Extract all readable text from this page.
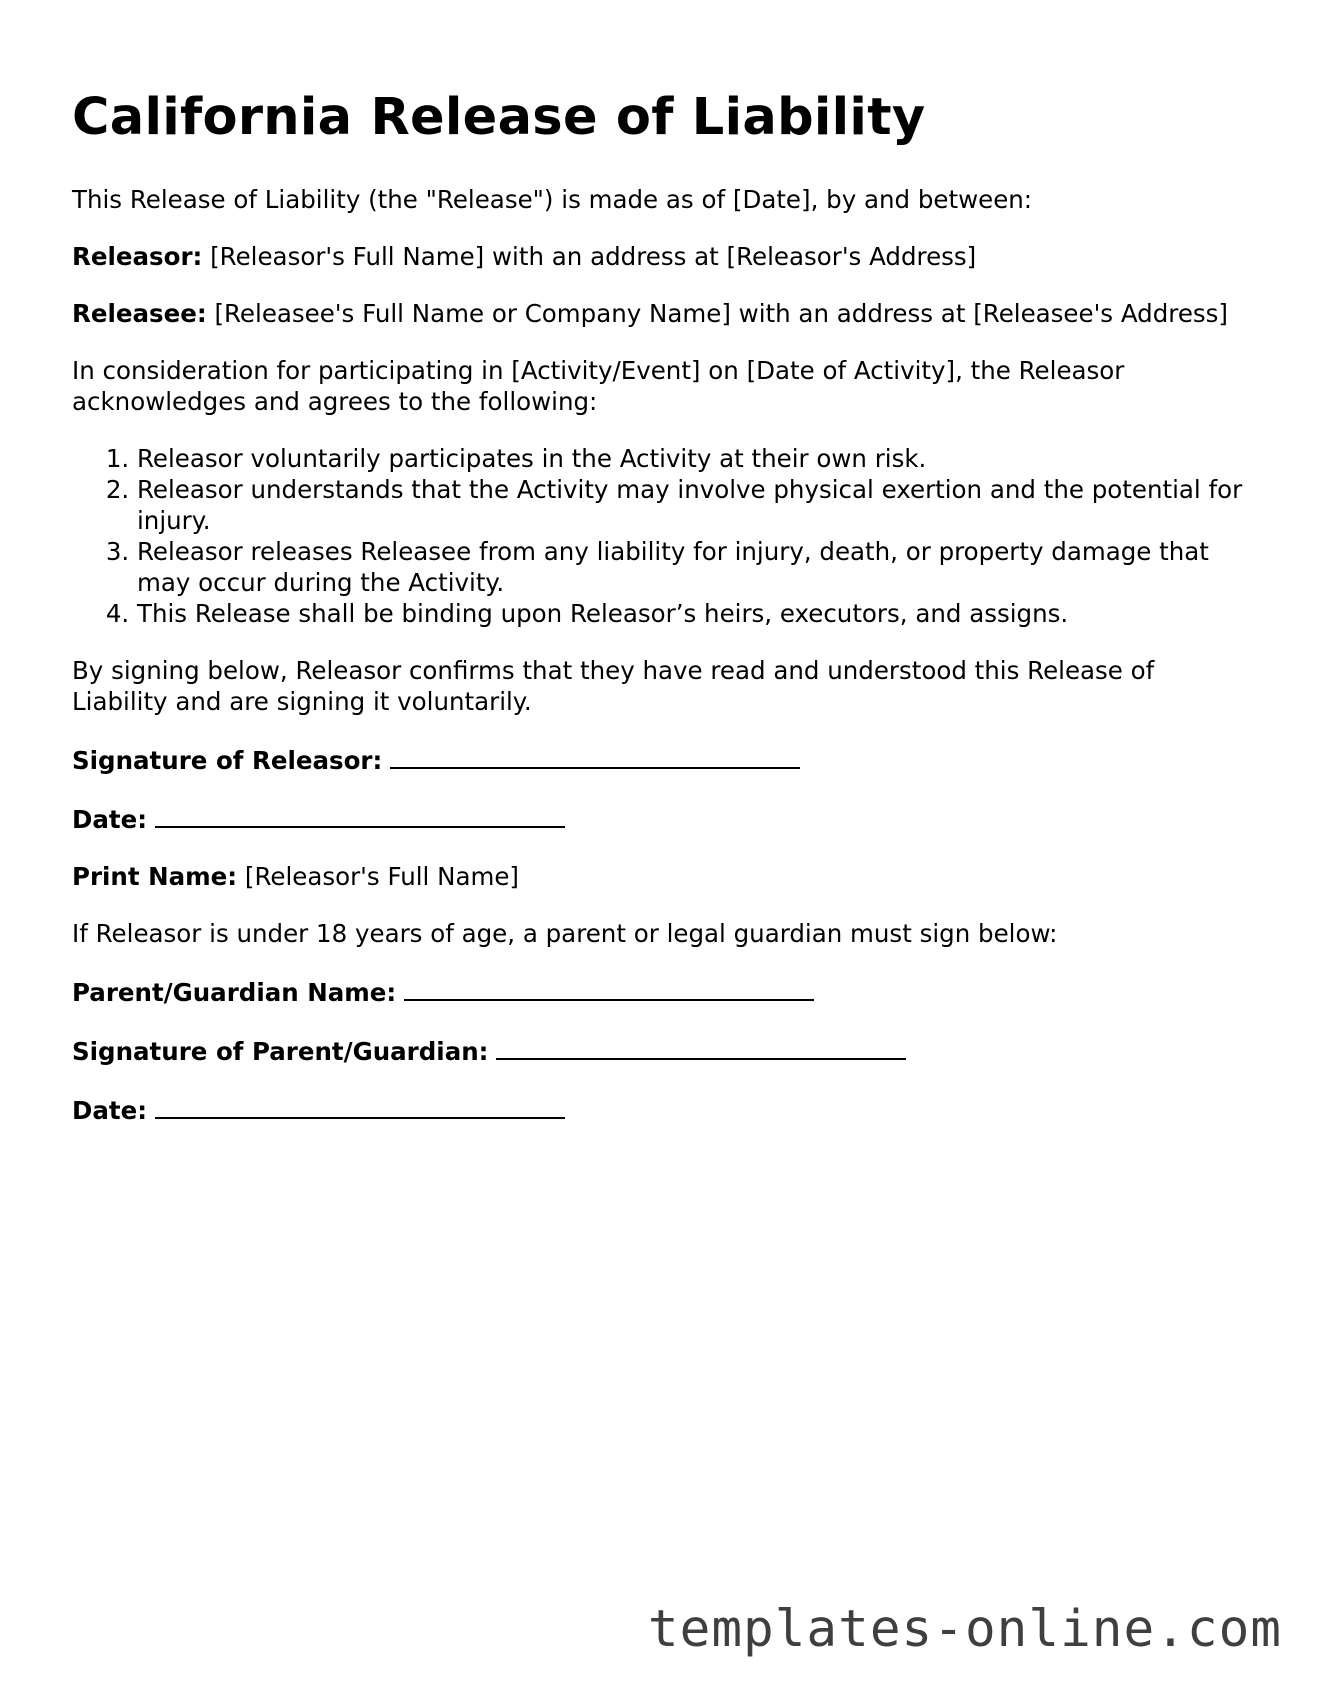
California Release of Liability

This Release of Liability (the "Release") is made as of [Date], by and between:

Releasor: [Releasor's Full Name] with an address at [Releasor's Address]

Releasee: [Releasee's Full Name or Company Name] with an address at [Releasee's Address]

In consideration for participating in [Activity/Event] on [Date of Activity], the Releasor acknowledges and agrees to the following:

1. Releasor voluntarily participates in the Activity at their own risk.
2. Releasor understands that the Activity may involve physical exertion and the potential for injury.
3. Releasor releases Releasee from any liability for injury, death, or property damage that may occur during the Activity.
4. This Release shall be binding upon Releasor’s heirs, executors, and assigns.

By signing below, Releasor confirms that they have read and understood this Release of Liability and are signing it voluntarily.

Signature of Releasor:

Date:

Print Name: [Releasor's Full Name]

If Releasor is under 18 years of age, a parent or legal guardian must sign below:

Parent/Guardian Name:

Signature of Parent/Guardian:

Date:

templates-online.com
